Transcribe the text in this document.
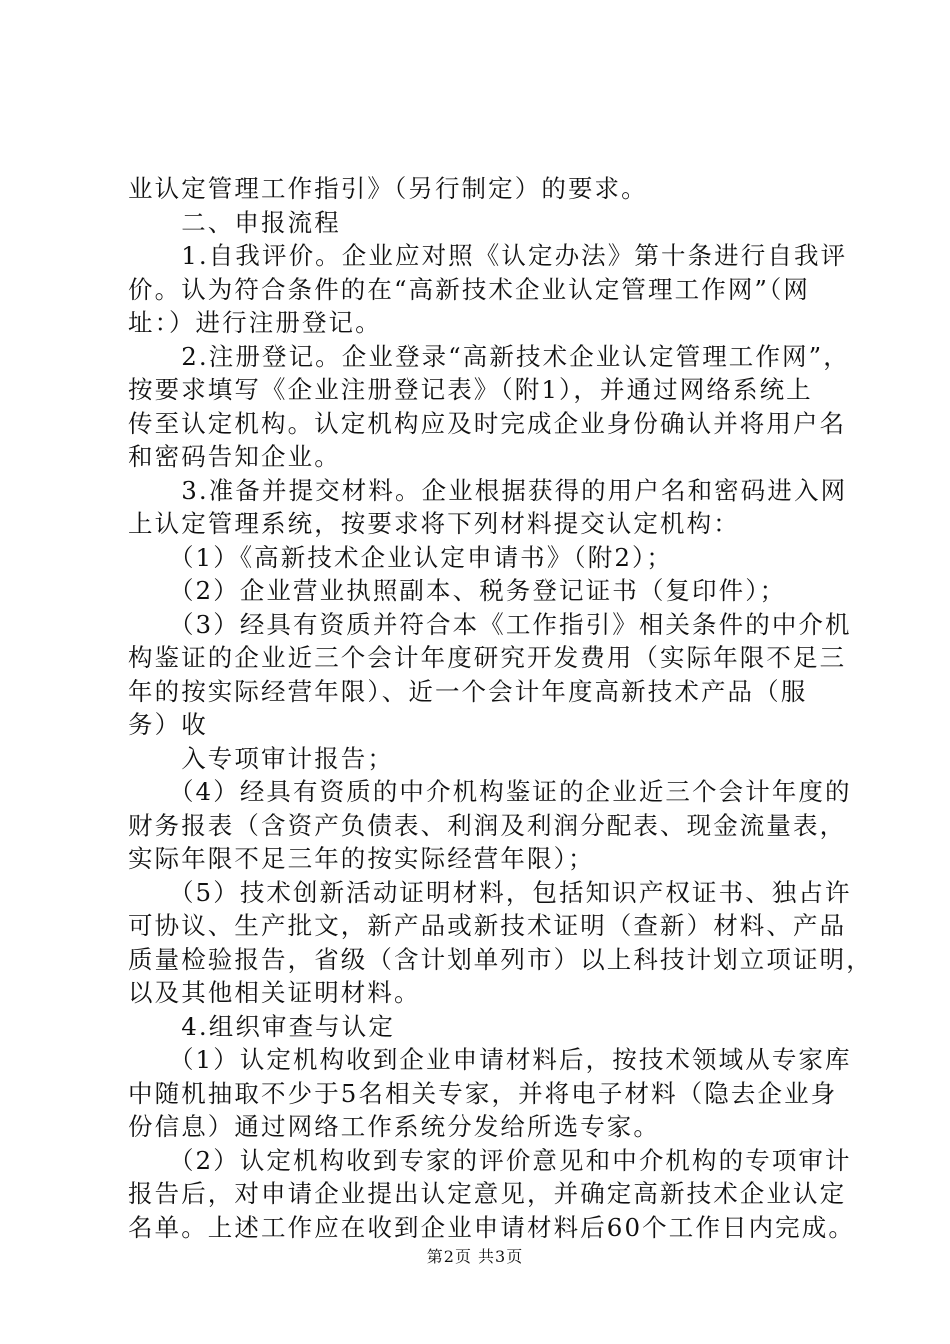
业认定管理工作指引》（另行制定）的要求。
　　二、申报流程
　　1.自我评价。企业应对照《认定办法》第十条进行自我评
价。认为符合条件的在“高新技术企业认定管理工作网”（网
址：）进行注册登记。
　　2.注册登记。企业登录“高新技术企业认定管理工作网”，
按要求填写《企业注册登记表》（附1），并通过网络系统上
传至认定机构。认定机构应及时完成企业身份确认并将用户名
和密码告知企业。
　　3.准备并提交材料。企业根据获得的用户名和密码进入网
上认定管理系统，按要求将下列材料提交认定机构：
　　（1）《高新技术企业认定申请书》（附2）；
　　（2）企业营业执照副本、税务登记证书（复印件）；
　　（3）经具有资质并符合本《工作指引》相关条件的中介机
构鉴证的企业近三个会计年度研究开发费用（实际年限不足三
年的按实际经营年限）、近一个会计年度高新技术产品（服
务）收
　　入专项审计报告；
　　（4）经具有资质的中介机构鉴证的企业近三个会计年度的
财务报表（含资产负债表、利润及利润分配表、现金流量表，
实际年限不足三年的按实际经营年限）；
　　（5）技术创新活动证明材料，包括知识产权证书、独占许
可协议、生产批文，新产品或新技术证明（查新）材料、产品
质量检验报告，省级（含计划单列市）以上科技计划立项证明，
以及其他相关证明材料。
　　4.组织审查与认定
　　（1）认定机构收到企业申请材料后，按技术领域从专家库
中随机抽取不少于5名相关专家，并将电子材料（隐去企业身
份信息）通过网络工作系统分发给所选专家。
　　（2）认定机构收到专家的评价意见和中介机构的专项审计
报告后，对申请企业提出认定意见，并确定高新技术企业认定
名单。上述工作应在收到企业申请材料后60个工作日内完成。
第2页 共3页
